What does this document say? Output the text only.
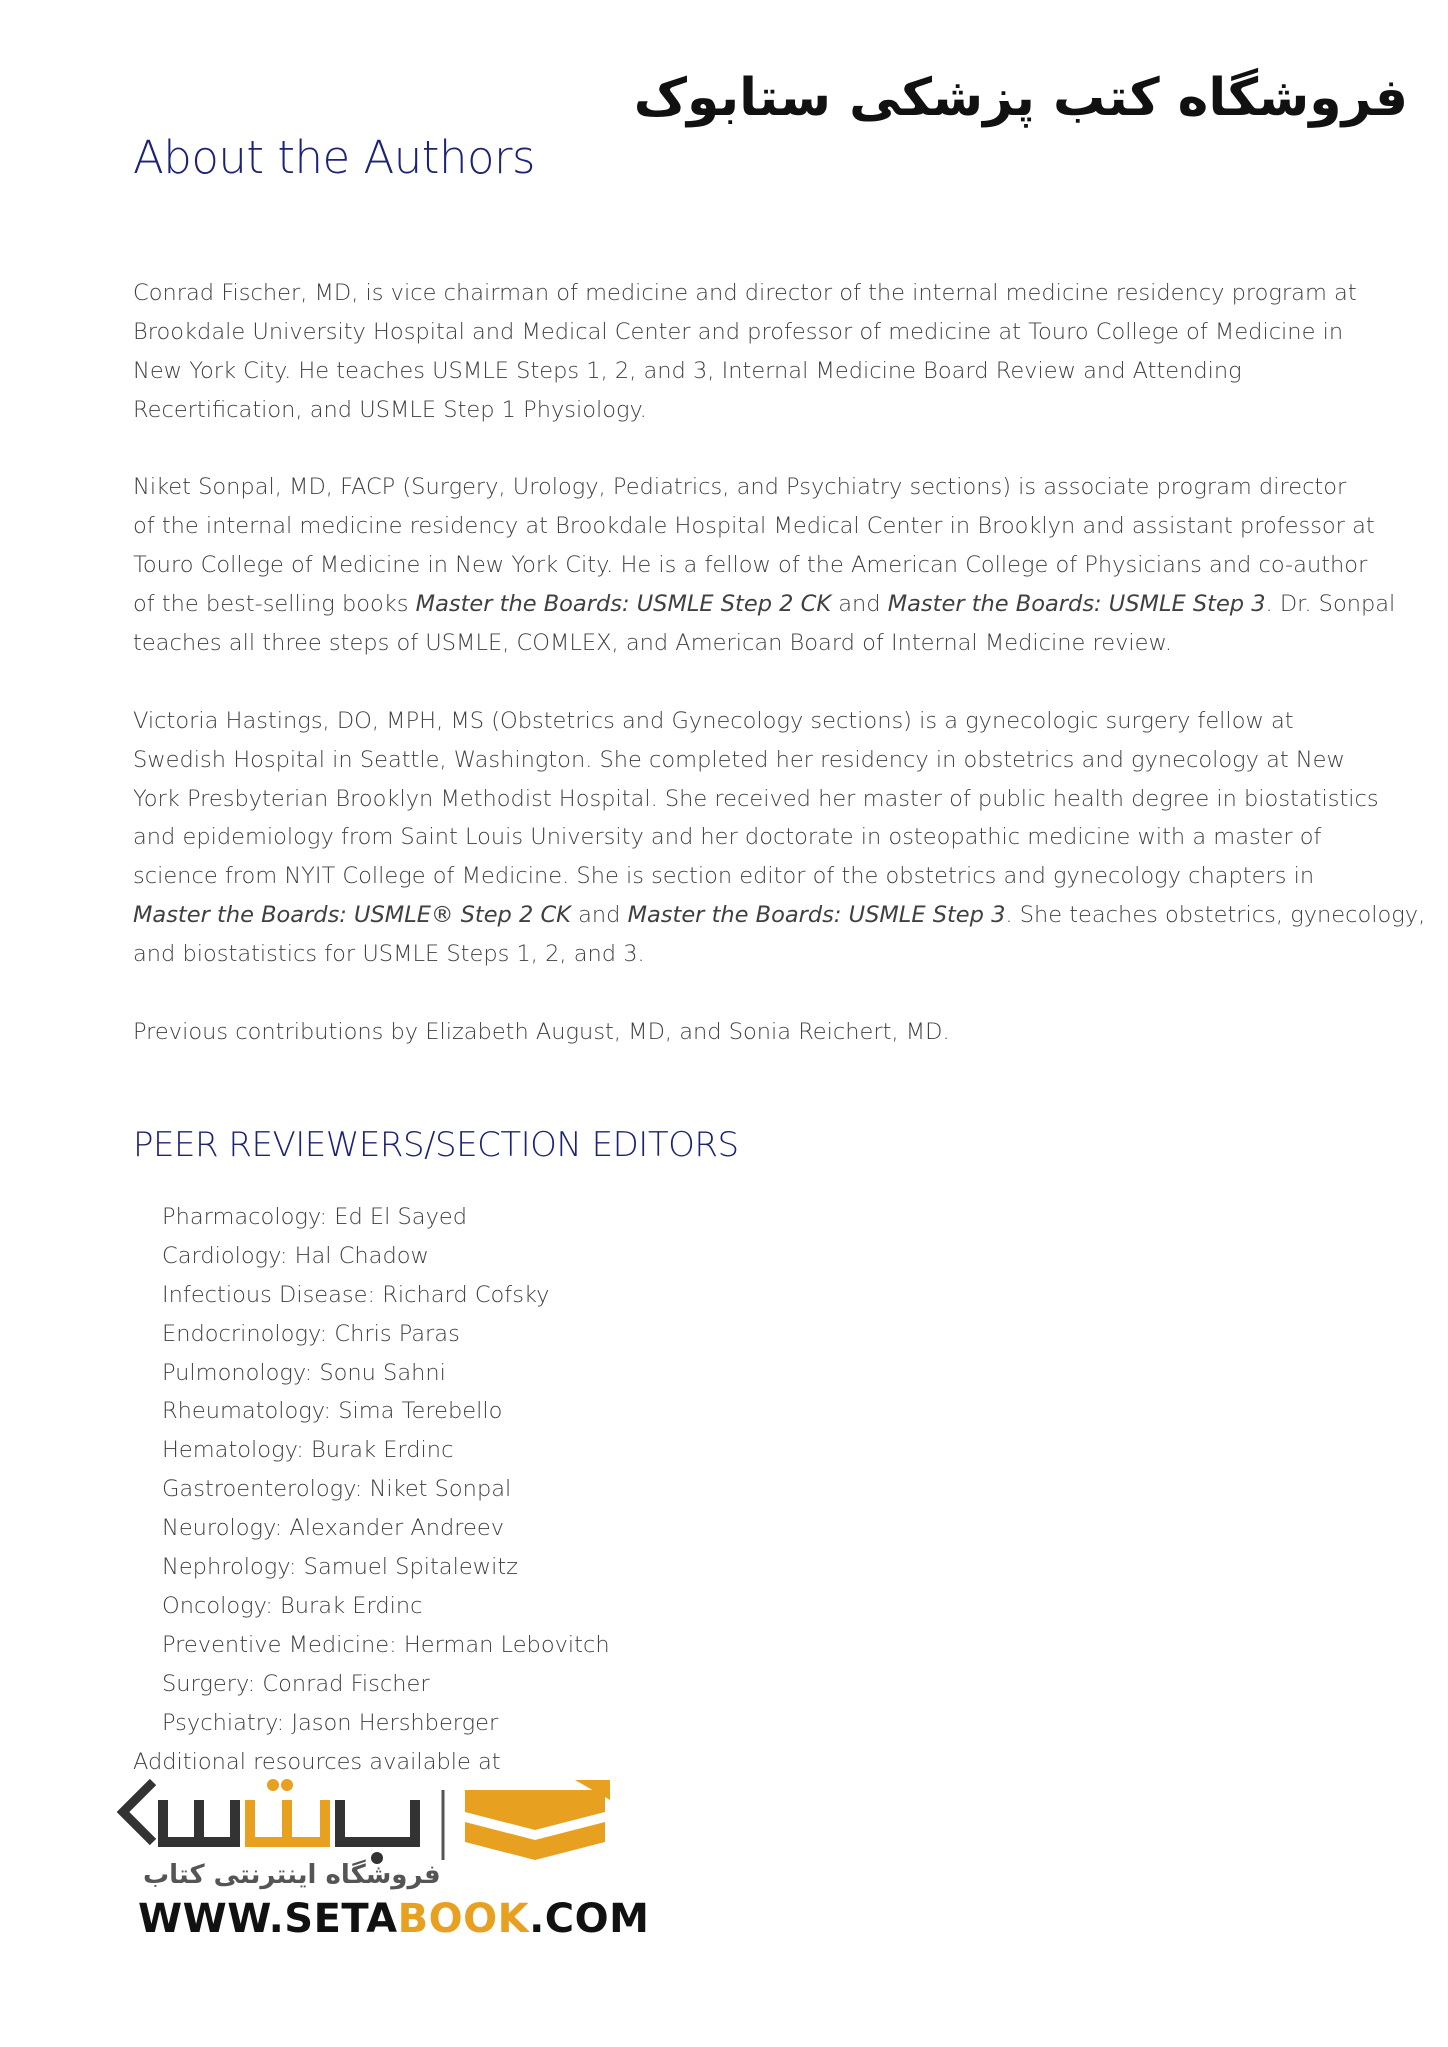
فروشگاه کتب پزشکی ستابوک
About the Authors
Conrad Fischer, MD, is vice chairman of medicine and director of the internal medicine residency program at
Brookdale University Hospital and Medical Center and professor of medicine at Touro College of Medicine in
New York City. He teaches USMLE Steps 1, 2, and 3, Internal Medicine Board Review and Attending
Recertification, and USMLE Step 1 Physiology.
Niket Sonpal, MD, FACP (Surgery, Urology, Pediatrics, and Psychiatry sections) is associate program director
of the internal medicine residency at Brookdale Hospital Medical Center in Brooklyn and assistant professor at
Touro College of Medicine in New York City. He is a fellow of the American College of Physicians and co-author
of the best-selling books Master the Boards: USMLE Step 2 CK and Master the Boards: USMLE Step 3. Dr. Sonpal
teaches all three steps of USMLE, COMLEX, and American Board of Internal Medicine review.
Victoria Hastings, DO, MPH, MS (Obstetrics and Gynecology sections) is a gynecologic surgery fellow at
Swedish Hospital in Seattle, Washington. She completed her residency in obstetrics and gynecology at New
York Presbyterian Brooklyn Methodist Hospital. She received her master of public health degree in biostatistics
and epidemiology from Saint Louis University and her doctorate in osteopathic medicine with a master of
science from NYIT College of Medicine. She is section editor of the obstetrics and gynecology chapters in
Master the Boards: USMLE® Step 2 CK and Master the Boards: USMLE Step 3. She teaches obstetrics, gynecology,
and biostatistics for USMLE Steps 1, 2, and 3.
Previous contributions by Elizabeth August, MD, and Sonia Reichert, MD.
PEER REVIEWERS/SECTION EDITORS
Pharmacology: Ed El Sayed
Cardiology: Hal Chadow
Infectious Disease: Richard Cofsky
Endocrinology: Chris Paras
Pulmonology: Sonu Sahni
Rheumatology: Sima Terebello
Hematology: Burak Erdinc
Gastroenterology: Niket Sonpal
Neurology: Alexander Andreev
Nephrology: Samuel Spitalewitz
Oncology: Burak Erdinc
Preventive Medicine: Herman Lebovitch
Surgery: Conrad Fischer
Psychiatry: Jason Hershberger
Additional resources available at
فروشگاه اینترنتی کتاب
WWW.SETABOOK.COM
